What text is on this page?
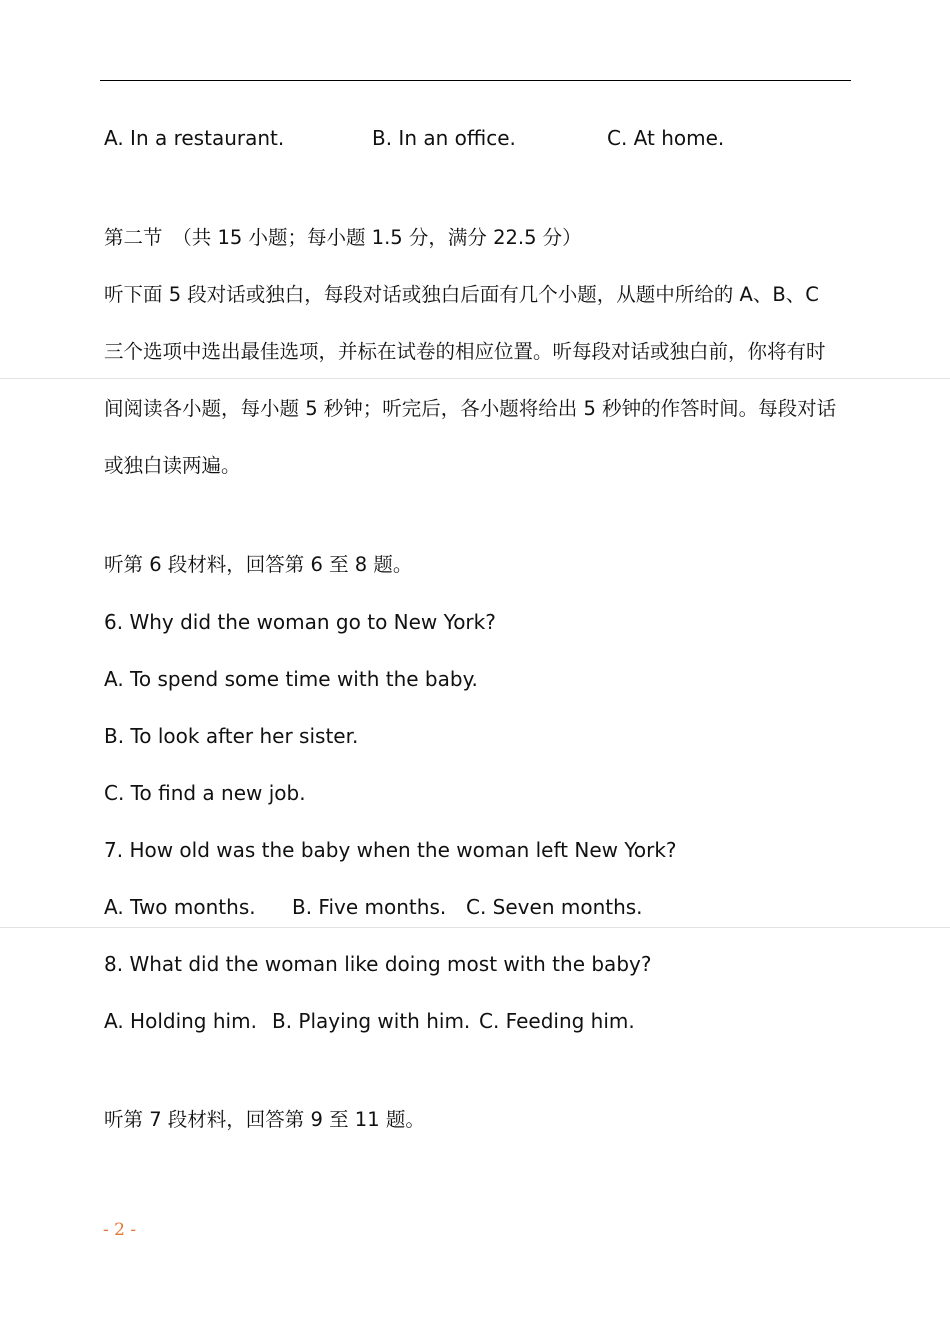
A. In a restaurant.	B. In an office.	C. At home.
第二节　（共 15 小题；每小题 1.5 分，满分 22.5 分）
听下面 5 段对话或独白，每段对话或独白后面有几个小题，从题中所给的 A、B、C
三个选项中选出最佳选项，并标在试卷的相应位置。听每段对话或独白前，你将有时
间阅读各小题，每小题 5 秒钟；听完后，各小题将给出 5 秒钟的作答时间。每段对话
或独白读两遍。
听第 6 段材料，回答第 6 至 8 题。
6. Why did the woman go to New York?
A. To spend some time with the baby.
B. To look after her sister.
C. To find a new job.
7. How old was the baby when the woman left New York?
A. Two months. B. Five months. C. Seven months.
8. What did the woman like doing most with the baby?
A. Holding him. B. Playing with him. C. Feeding him.
听第 7 段材料，回答第 9 至 11 题。
- 2 -
